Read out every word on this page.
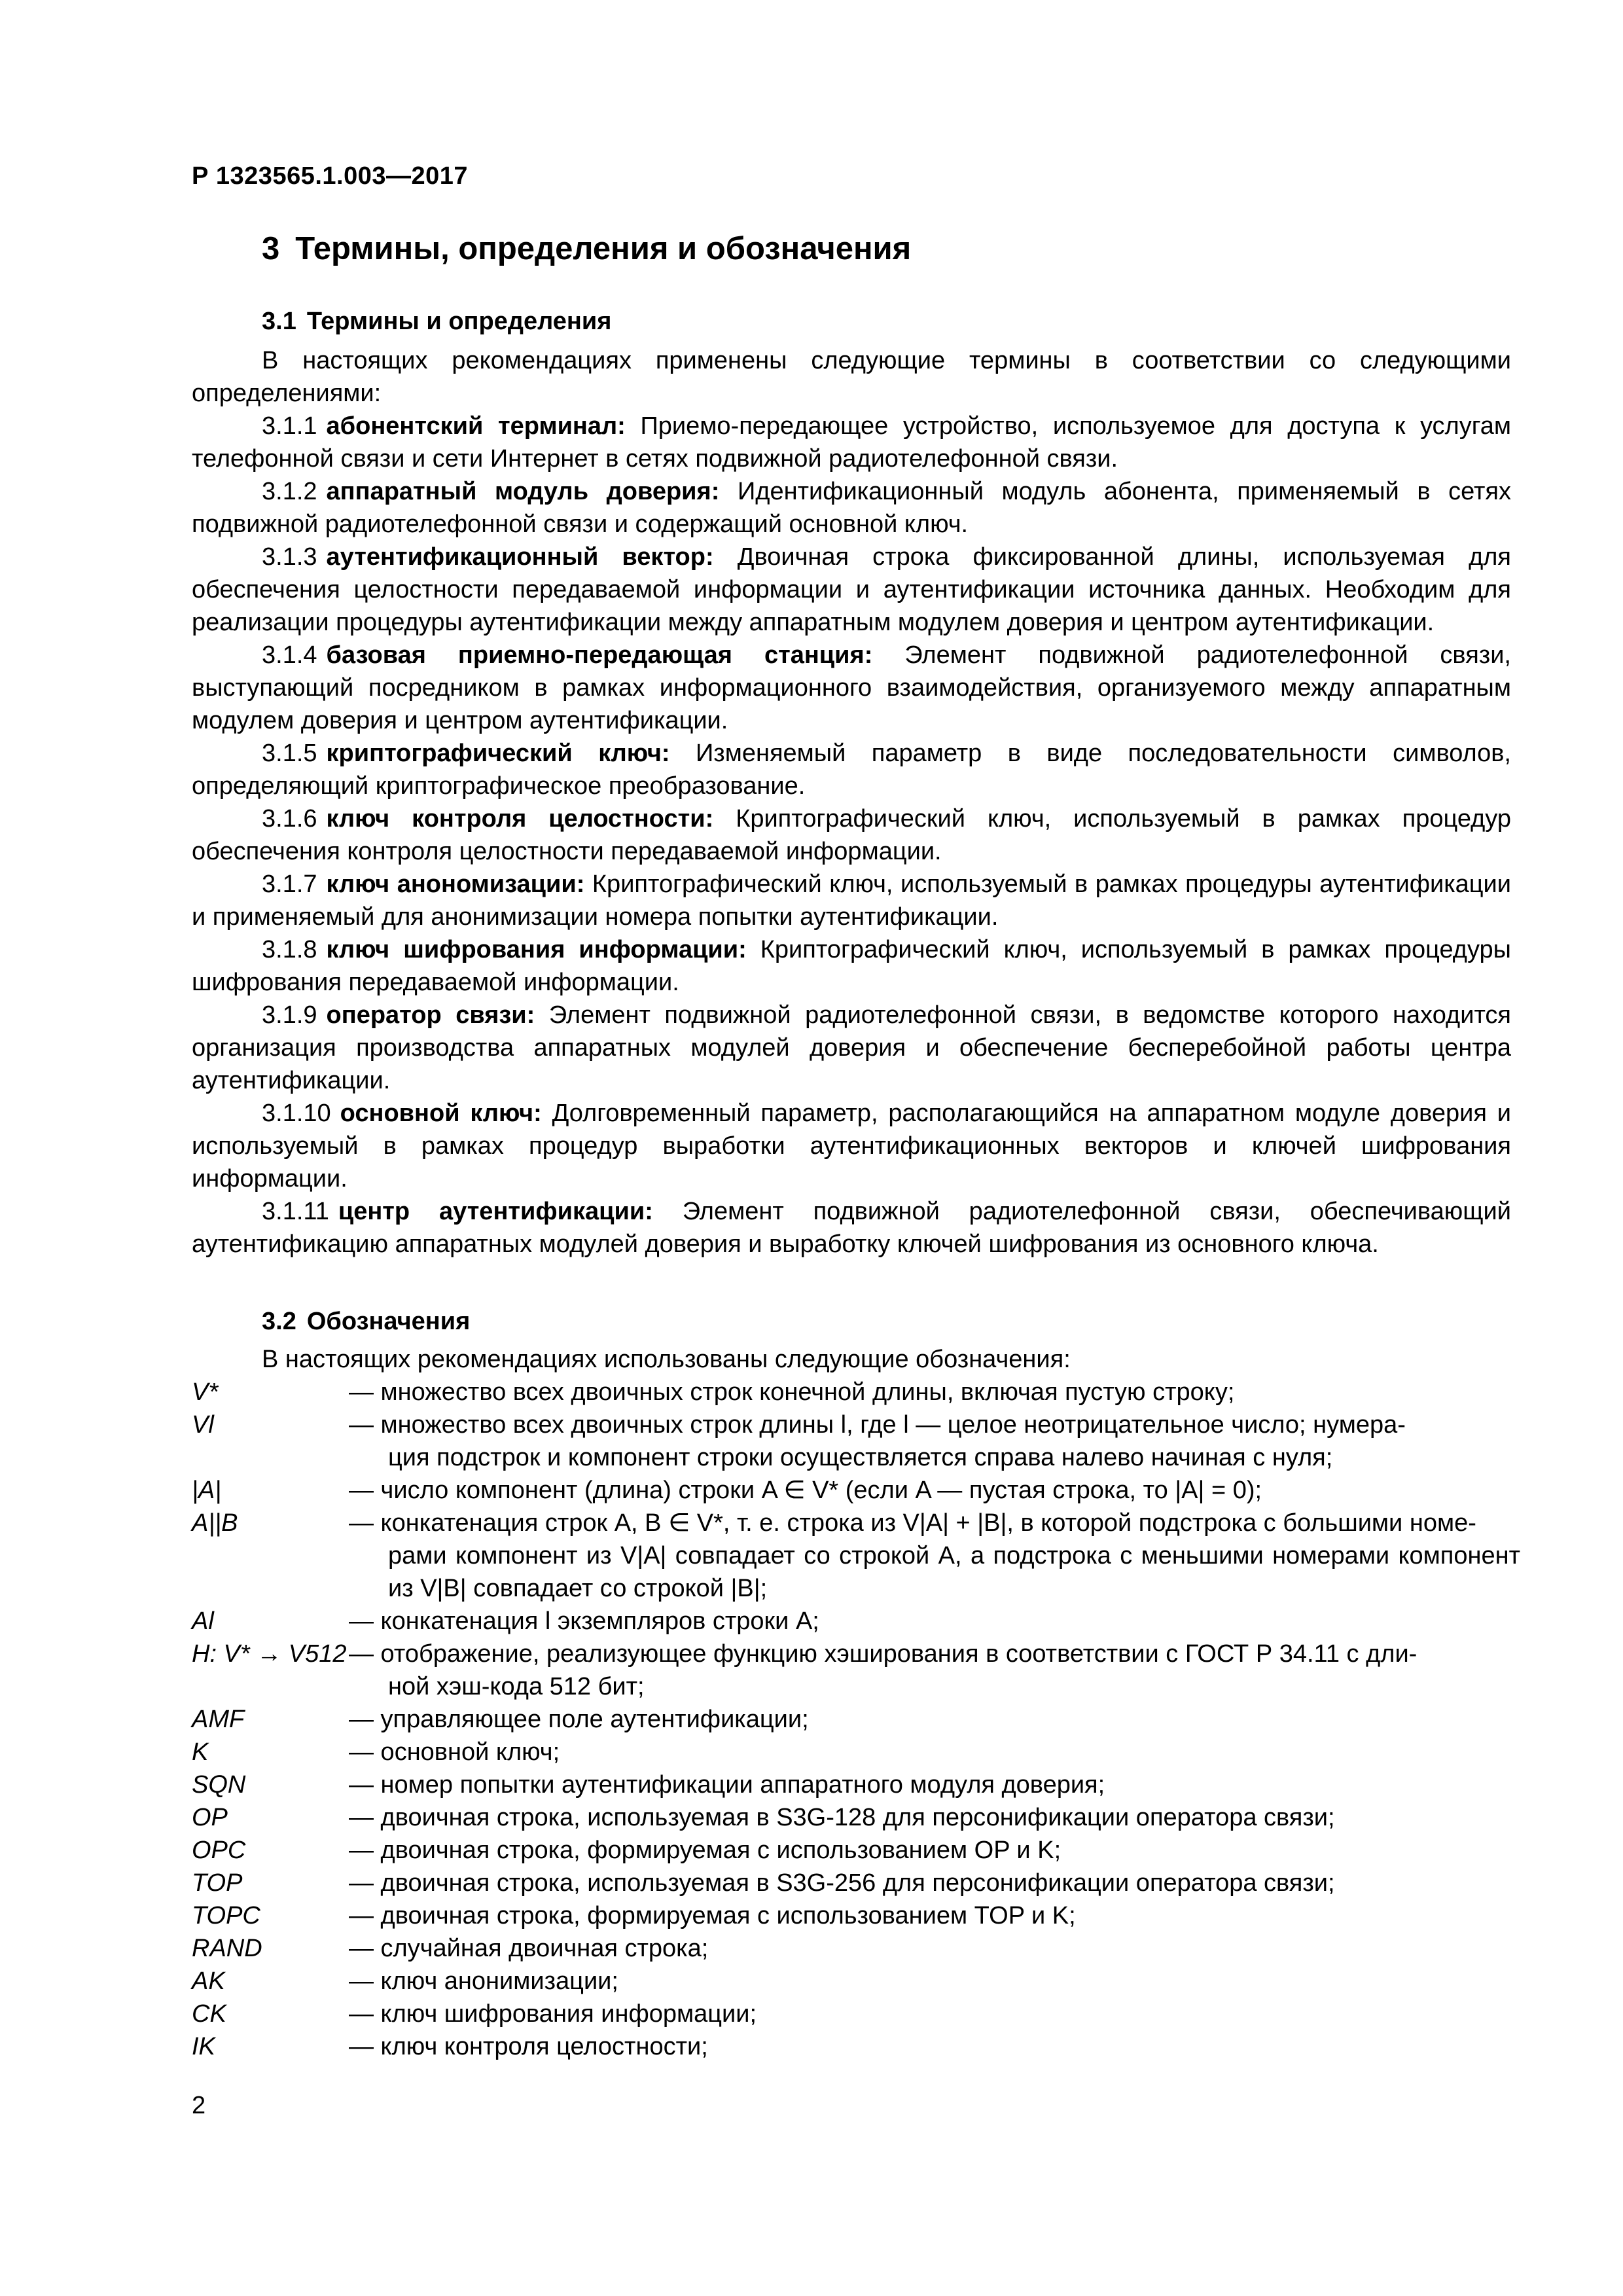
Р 1323565.1.003—2017
3 Термины, определения и обозначения
3.1 Термины и определения

В настоящих рекомендациях применены следующие термины в соответствии со следующими определениями:

3.1.1 абонентский терминал: Приемо-передающее устройство, используемое для доступа к услугам телефонной связи и сети Интернет в сетях подвижной радиотелефонной связи.

3.1.2 аппаратный модуль доверия: Идентификационный модуль абонента, применяемый в сетях подвижной радиотелефонной связи и содержащий основной ключ.

3.1.3 аутентификационный вектор: Двоичная строка фиксированной длины, используемая для обеспечения целостности передаваемой информации и аутентификации источника данных. Необходим для реализации процедуры аутентификации между аппаратным модулем доверия и центром аутентификации.

3.1.4 базовая приемно-передающая станция: Элемент подвижной радиотелефонной связи, выступающий посредником в рамках информационного взаимодействия, организуемого между аппаратным модулем доверия и центром аутентификации.

3.1.5 криптографический ключ: Изменяемый параметр в виде последовательности символов, определяющий криптографическое преобразование.

3.1.6 ключ контроля целостности: Криптографический ключ, используемый в рамках процедур обеспечения контроля целостности передаваемой информации.

3.1.7 ключ анономизации: Криптографический ключ, используемый в рамках процедуры аутентификации и применяемый для анонимизации номера попытки аутентификации.

3.1.8 ключ шифрования информации: Криптографический ключ, используемый в рамках процедуры шифрования передаваемой информации.

3.1.9 оператор связи: Элемент подвижной радиотелефонной связи, в ведомстве которого находится организация производства аппаратных модулей доверия и обеспечение бесперебойной работы центра аутентификации.

3.1.10 основной ключ: Долговременный параметр, располагающийся на аппаратном модуле доверия и используемый в рамках процедур выработки аутентификационных векторов и ключей шифрования информации.

3.1.11 центр аутентификации: Элемент подвижной радиотелефонной связи, обеспечивающий аутентификацию аппаратных модулей доверия и выработку ключей шифрования из основного ключа.

3.2 Обозначения
В настоящих рекомендациях использованы следующие обозначения:
V*	— множество всех двоичных строк конечной длины, включая пустую строку;
Vl	— множество всех двоичных строк длины l, где l — целое неотрицательное число; нумера-
ция подстрок и компонент строки осуществляется справа налево начиная с нуля;
|A|	— число компонент (длина) строки A ∈ V* (если A — пустая строка, то |A| = 0);
A||B	— конкатенация строк A, B ∈ V*, т. е. строка из V|A| + |B|, в которой подстрока с большими номе-
рами компонент из V|A| совпадает со строкой A, а подстрока с меньшими номерами компонент из V|B| совпадает со строкой |B|;
Al	— конкатенация l экземпляров строки A;
H: V* → V512 — отображение, реализующее функцию хэширования в соответствии с ГОСТ Р 34.11 с дли-
ной хэш-кода 512 бит;
AMF	— управляющее поле аутентификации;
K	— основной ключ;
SQN	— номер попытки аутентификации аппаратного модуля доверия;
OP	— двоичная строка, используемая в S3G-128 для персонификации оператора связи;
OPC	— двоичная строка, формируемая с использованием OP и K;
TOP	— двоичная строка, используемая в S3G-256 для персонификации оператора связи;
TOPC	— двоичная строка, формируемая с использованием TOP и K;
RAND	— случайная двоичная строка;
AK	— ключ анонимизации;
CK	— ключ шифрования информации;
IK	— ключ контроля целостности;
2
